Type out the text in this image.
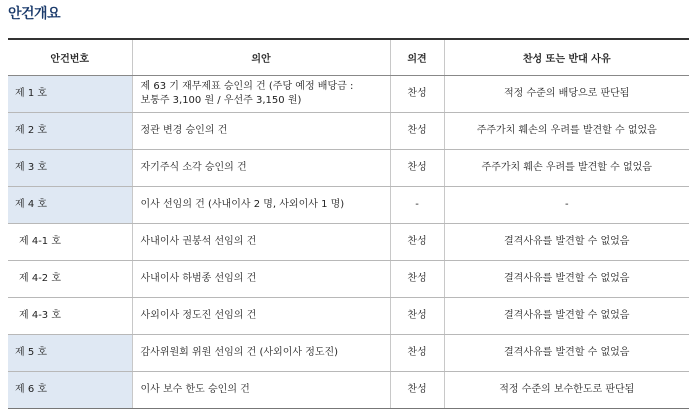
안건개요
안건번호	의안	의견	찬성 또는 반대 사유
제 1 호	제 63 기 재무제표 승인의 건 (주당 예정 배당금 :
보통주 3,100 원 / 우선주 3,150 원)	찬성	적정 수준의 배당으로 판단됨
제 2 호	정관 변경 승인의 건	찬성	주주가치 훼손의 우려를 발견할 수 없었음
제 3 호	자기주식 소각 승인의 건	찬성	주주가치 훼손 우려를 발견할 수 없었음
제 4 호	이사 선임의 건 (사내이사 2 명, 사외이사 1 명)	-	-
제 4-1 호	사내이사 권봉석 선임의 건	찬성	결격사유를 발견할 수 없었음
제 4-2 호	사내이사 하범종 선임의 건	찬성	결격사유를 발견할 수 없었음
제 4-3 호	사외이사 정도진 선임의 건	찬성	결격사유를 발견할 수 없었음
제 5 호	감사위원회 위원 선임의 건 (사외이사 정도진)	찬성	결격사유를 발견할 수 없었음
제 6 호	이사 보수 한도 승인의 건	찬성	적정 수준의 보수한도로 판단됨
